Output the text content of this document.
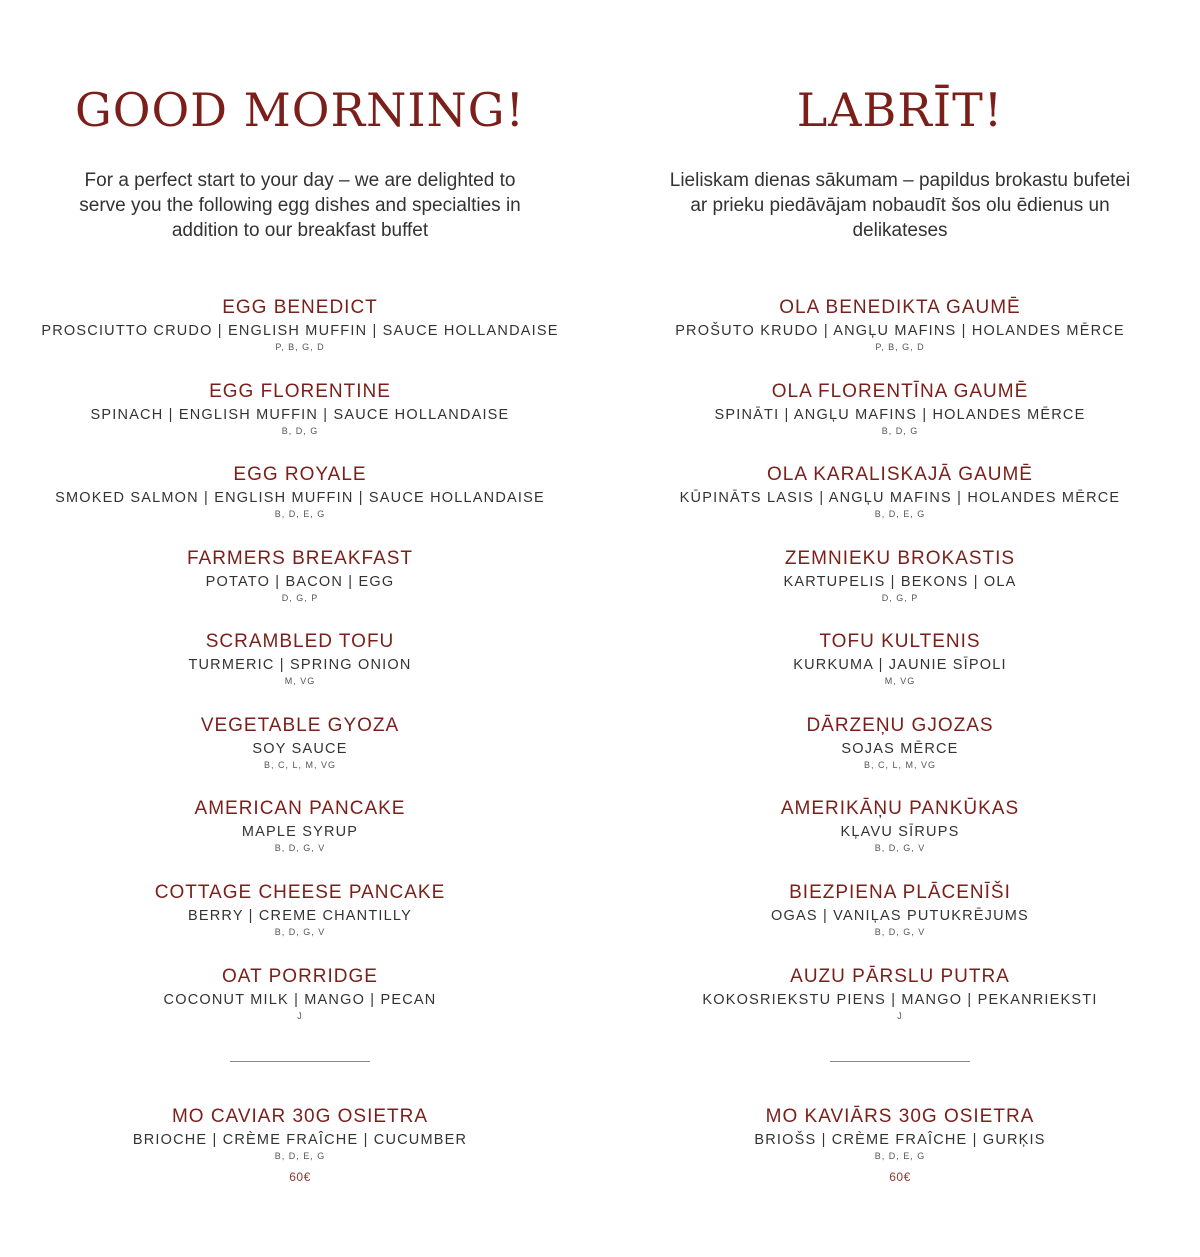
GOOD MORNING!

For a perfect start to your day – we are delighted to serve you the following egg dishes and specialties in addition to our breakfast buffet

EGG BENEDICT
PROSCIUTTO CRUDO | ENGLISH MUFFIN | SAUCE HOLLANDAISE
P, B, G, D
EGG FLORENTINE
SPINACH | ENGLISH MUFFIN | SAUCE HOLLANDAISE
B, D, G
EGG ROYALE
SMOKED SALMON | ENGLISH MUFFIN | SAUCE HOLLANDAISE
B, D, E, G
FARMERS BREAKFAST
POTATO | BACON | EGG
D, G, P
SCRAMBLED TOFU
TURMERIC | SPRING ONION
M, VG
VEGETABLE GYOZA
SOY SAUCE
B, C, L, M, VG
AMERICAN PANCAKE
MAPLE SYRUP
B, D, G, V
COTTAGE CHEESE PANCAKE
BERRY | CREME CHANTILLY
B, D, G, V
OAT PORRIDGE
COCONUT MILK | MANGO | PECAN
J
MO CAVIAR 30G OSIETRA
BRIOCHE | CRÈME FRAÎCHE | CUCUMBER
B, D, E, G
60€
LABRĪT!

Lieliskam dienas sākumam – papildus brokastu bufetei ar prieku piedāvājam nobaudīt šos olu ēdienus un delikateses

OLA BENEDIKTA GAUMĒ
PROŠUTO KRUDO | ANGĻU MAFINS | HOLANDES MĒRCE
P, B, G, D
OLA FLORENTĪNA GAUMĒ
SPINĀTI | ANGĻU MAFINS | HOLANDES MĒRCE
B, D, G
OLA KARALISKAJĀ GAUMĒ
KŪPINĀTS LASIS | ANGĻU MAFINS | HOLANDES MĒRCE
B, D, E, G
ZEMNIEKU BROKASTIS
KARTUPELIS | BEKONS | OLA
D, G, P
TOFU KULTENIS
KURKUMA | JAUNIE SĪPOLI
M, VG
DĀRZEŅU GJOZAS
SOJAS MĒRCE
B, C, L, M, VG
AMERIKĀŅU PANKŪKAS
KĻAVU SĪRUPS
B, D, G, V
BIEZPIENA PLĀCENĪŠI
OGAS | VANIĻAS PUTUKRĒJUMS
B, D, G, V
AUZU PĀRSLU PUTRA
KOKOSRIEKSTU PIENS | MANGO | PEKANRIEKSTI
J
MO KAVIĀRS 30G OSIETRA
BRIOŠS | CRÈME FRAÎCHE | GURĶIS
B, D, E, G
60€
